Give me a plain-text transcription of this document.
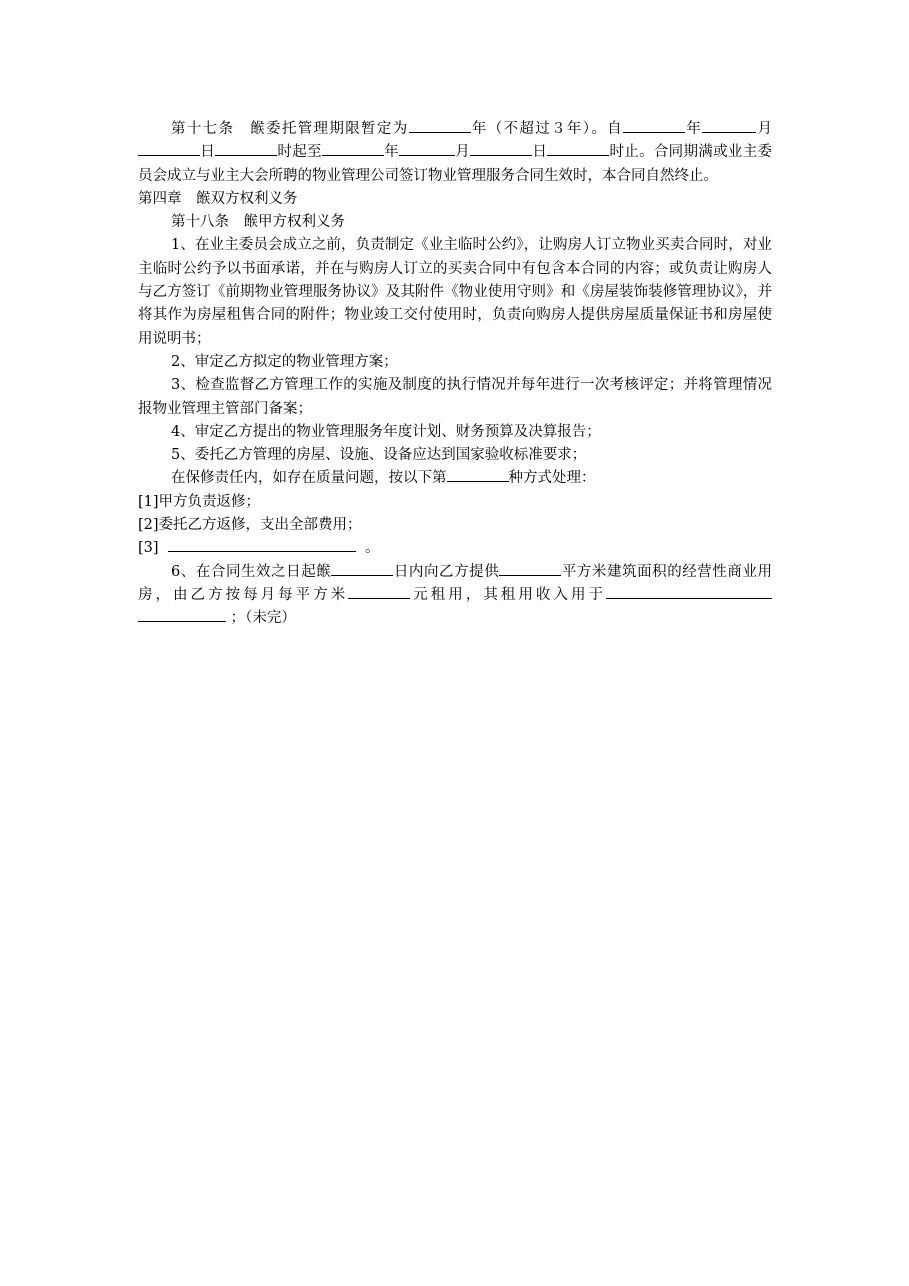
第十七条　餱委托管理期限暂定为	年（不超过３年）。自	年	月日	时起至	年	月	日	时止。合同期满或业主委员会成立与业主大会所聘的物业管理公司签订物业管理服务合同生效时，本合同自然终止。

第四章　餱双方权利义务

第十八条　餱甲方权利义务

1、在业主委员会成立之前，负责制定《业主临时公约》，让购房人订立物业买卖合同时，对业主临时公约予以书面承诺，并在与购房人订立的买卖合同中有包含本合同的内容；或负责让购房人与乙方签订《前期物业管理服务协议》及其附件《物业使用守则》和《房屋装饰装修管理协议》，并将其作为房屋租售合同的附件；物业竣工交付使用时，负责向购房人提供房屋质量保证书和房屋使用说明书；

2、审定乙方拟定的物业管理方案；

3、检查监督乙方管理工作的实施及制度的执行情况并每年进行一次考核评定；并将管理情况报物业管理主管部门备案；

4、审定乙方提出的物业管理服务年度计划、财务预算及决算报告；

5、委托乙方管理的房屋、设施、设备应达到国家验收标准要求；

在保修责任内，如存在质量问题，按以下第	种方式处理：

[1]甲方负责返修；

[2]委托乙方返修，支出全部费用；

[3]	。

6、在合同生效之日起餱	日内向乙方提供	平方米建筑面积的经营性商业用房，由乙方按每月每平方米	元租用，其租用收入用于 ；（未完）
